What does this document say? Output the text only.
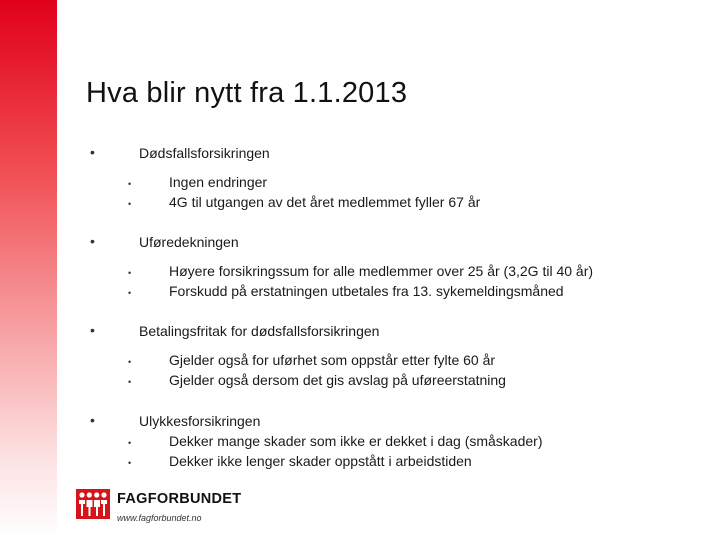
Hva blir nytt fra 1.1.2013
•	Dødsfallsforsikringen
•	Ingen endringer
•	4G til utgangen av det året medlemmet fyller 67 år
•	Uføredekningen
•	Høyere forsikringssum for alle medlemmer over 25 år (3,2G til 40 år)
•	Forskudd på erstatningen utbetales fra 13. sykemeldingsmåned
•	Betalingsfritak for dødsfallsforsikringen
•	Gjelder også for uførhet som oppstår etter fylte 60 år
•	Gjelder også dersom det gis avslag på uføreerstatning
•	Ulykkesforsikringen
•	Dekker mange skader som ikke er dekket i dag (småskader)
•	Dekker ikke lenger skader oppstått i arbeidstiden
FAGFORBUNDET
www.fagforbundet.no
